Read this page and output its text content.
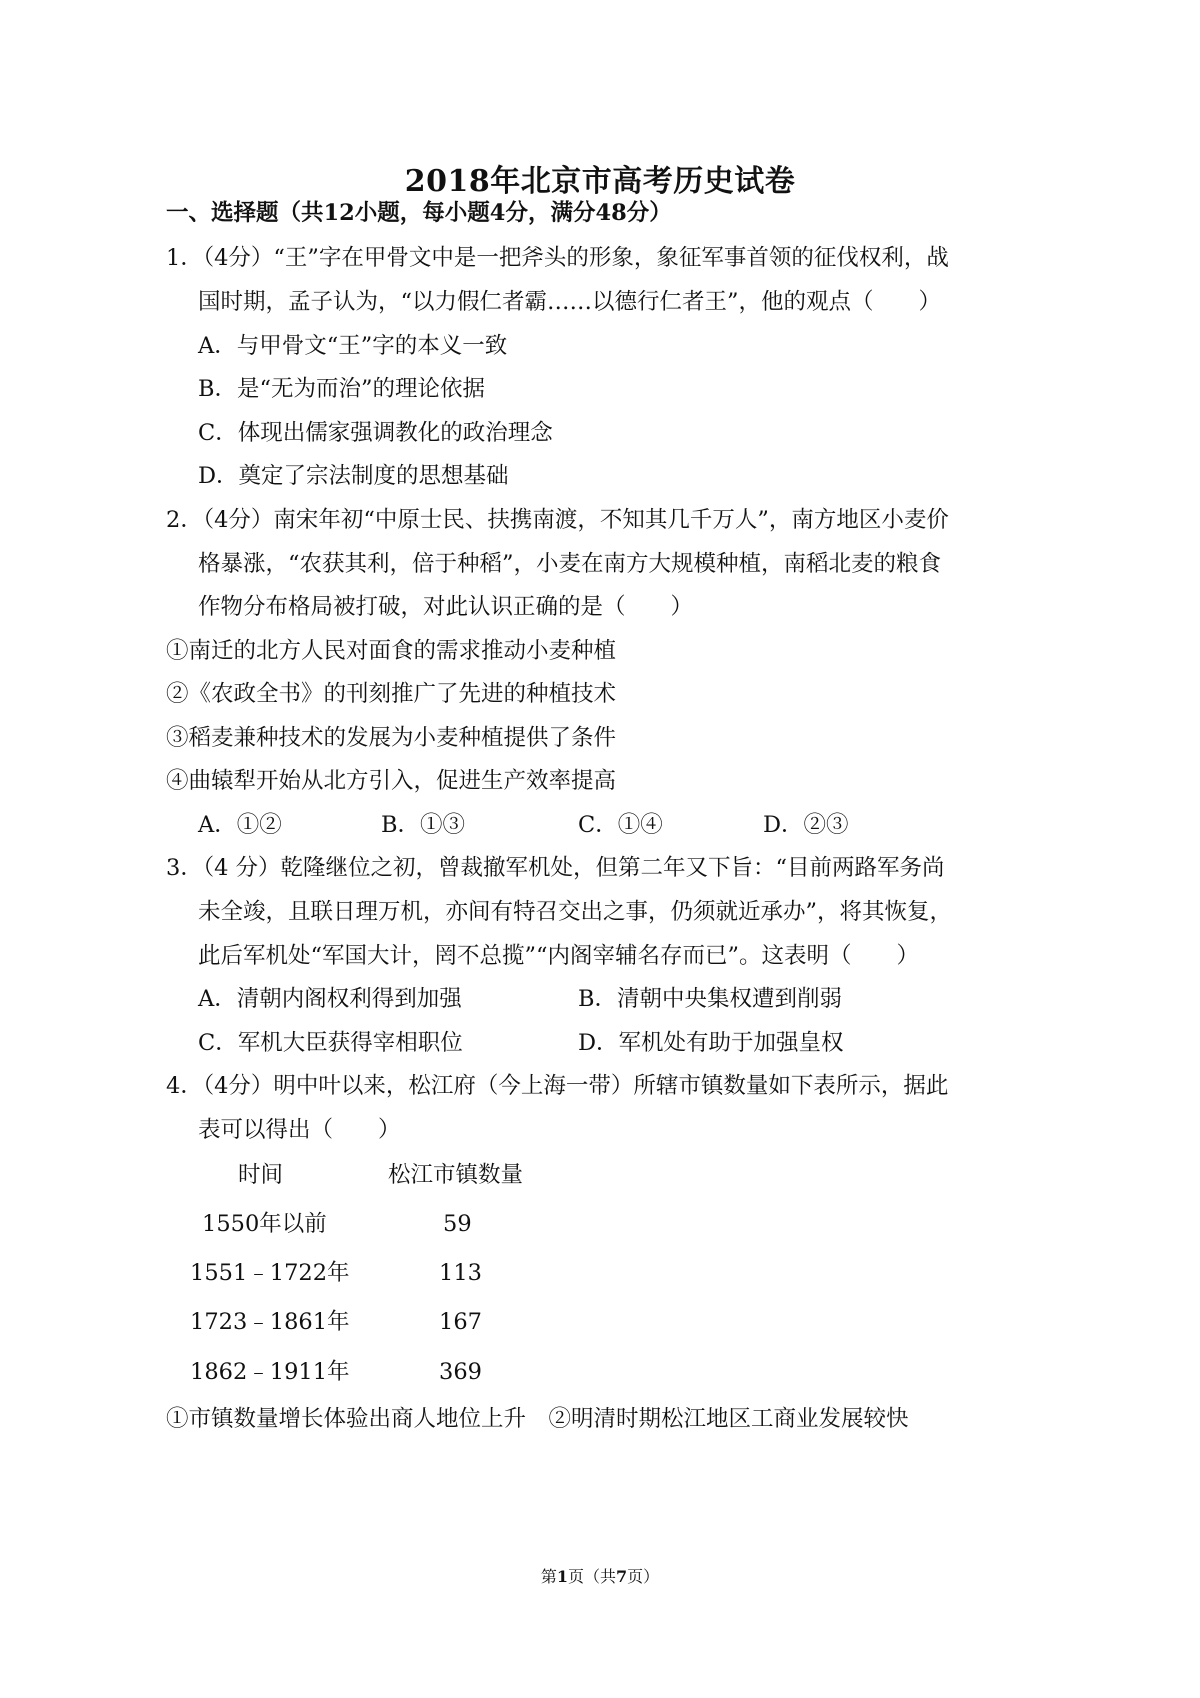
2018年北京市高考历史试卷
一、选择题（共12小题，每小题4分，满分48分）
1．（4分）“王”字在甲骨文中是一把斧头的形象，象征军事首领的征伐权利，战
国时期，孟子认为，“以力假仁者霸……以德行仁者王”，他的观点（　　）
A．与甲骨文“王”字的本义一致
B．是“无为而治”的理论依据
C．体现出儒家强调教化的政治理念
D．奠定了宗法制度的思想基础
2．（4分）南宋年初“中原士民、扶携南渡，不知其几千万人”，南方地区小麦价
格暴涨，“农获其利，倍于种稻”，小麦在南方大规模种植，南稻北麦的粮食
作物分布格局被打破，对此认识正确的是（　　）
①南迁的北方人民对面食的需求推动小麦种植
②《农政全书》的刊刻推广了先进的种植技术
③稻麦兼种技术的发展为小麦种植提供了条件
④曲辕犁开始从北方引入，促进生产效率提高
A．①②	B．①③	C．①④	D．②③
3．（4 分）乾隆继位之初，曾裁撤军机处，但第二年又下旨：“目前两路军务尚
未全竣，且联日理万机，亦间有特召交出之事，仍须就近承办”，将其恢复，
此后军机处“军国大计，罔不总揽”“内阁宰辅名存而已”。这表明（　　）
A．清朝内阁权利得到加强	B．清朝中央集权遭到削弱
C．军机大臣获得宰相职位	D．军机处有助于加强皇权
4．（4分）明中叶以来，松江府（今上海一带）所辖市镇数量如下表所示，据此
表可以得出（　　）
时间	松江市镇数量
1550年以前	59
1551﹣1722年	113
1723﹣1861年	167
1862﹣1911年	369
①市镇数量增长体验出商人地位上升　②明清时期松江地区工商业发展较快
第1页（共7页）
